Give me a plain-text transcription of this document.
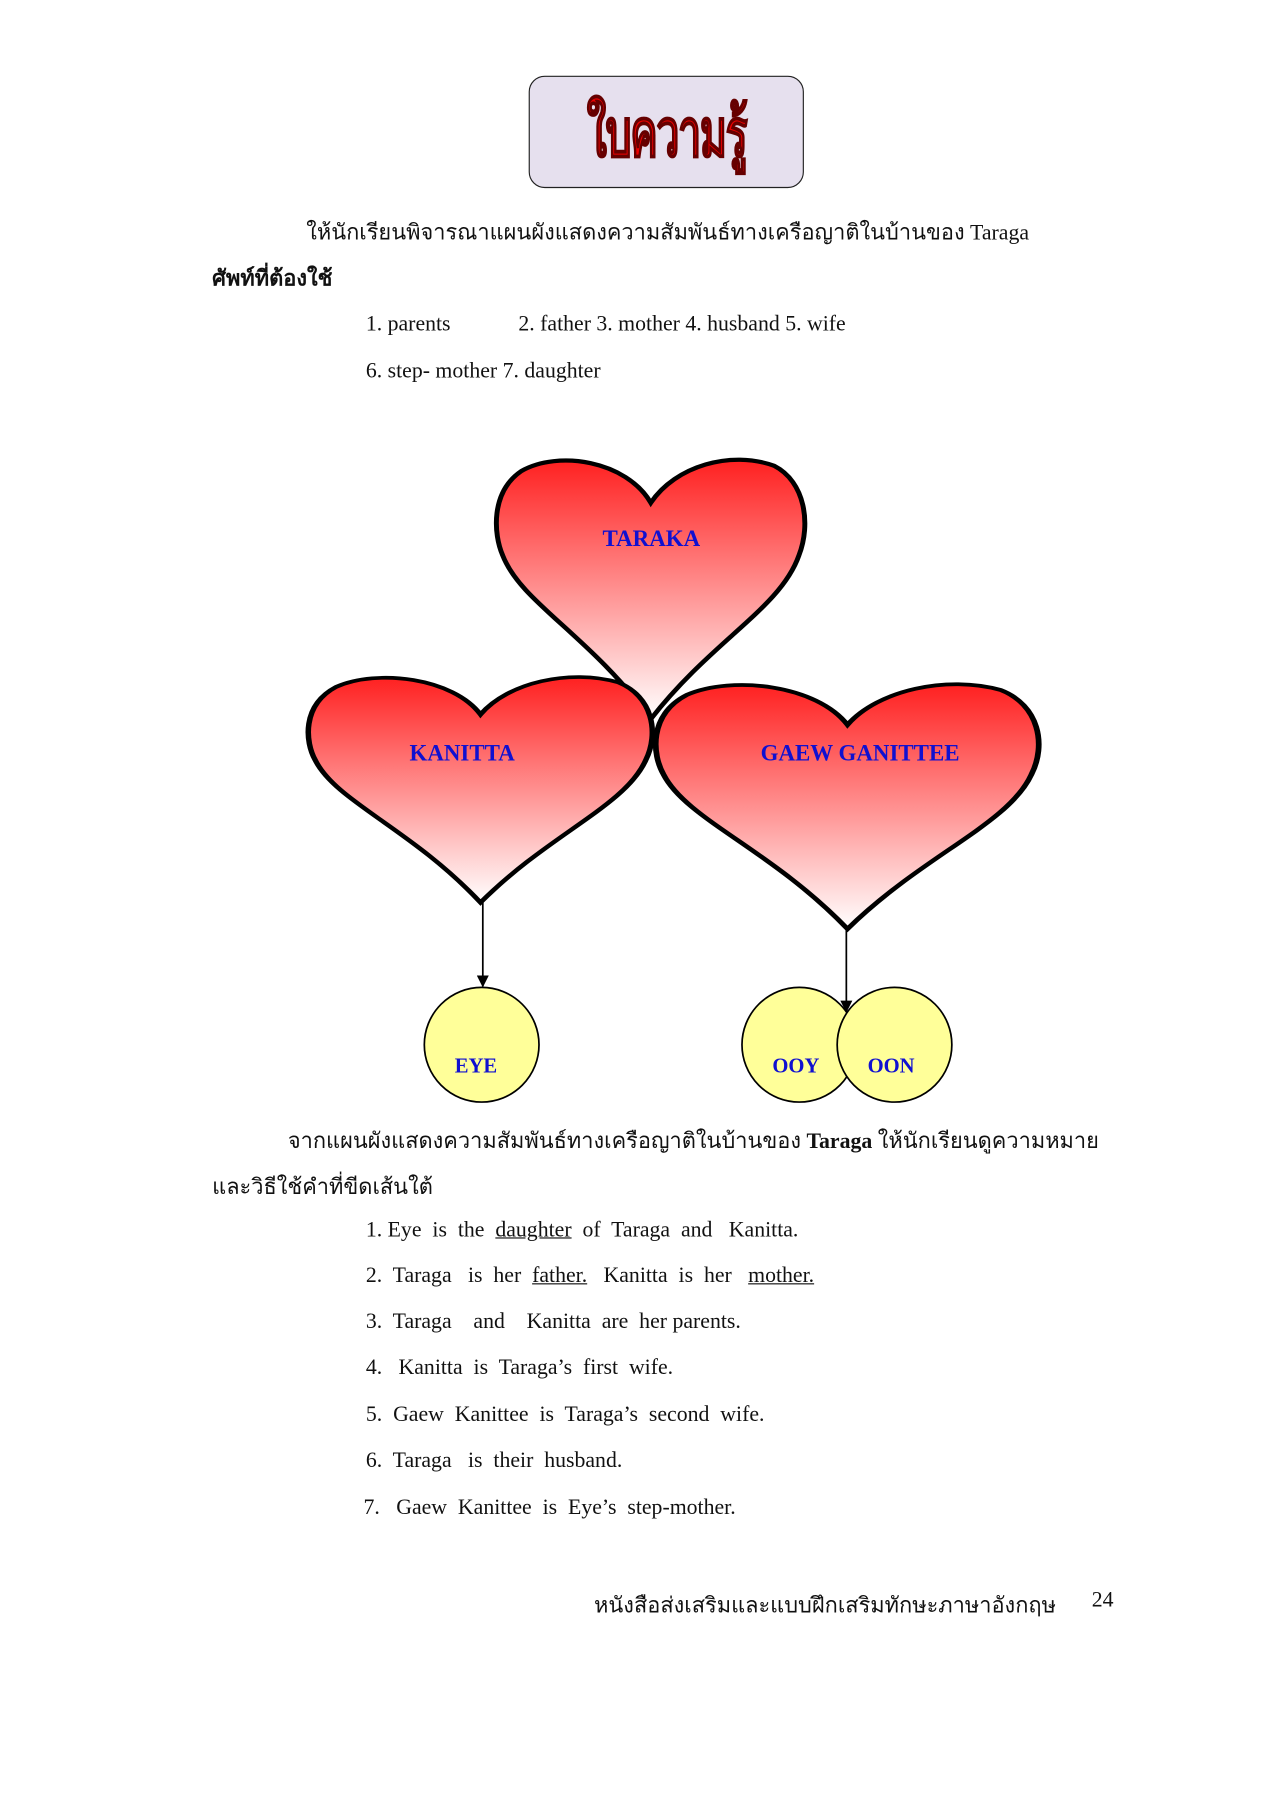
ใบความรู้
ให้นักเรียนพิจารณาแผนผังแสดงความสัมพันธ์ทางเครือญาติในบ้านของ Taraga
ศัพท์ที่ต้องใช้
1. parents	2. father 3. mother 4. husband 5. wife
6. step- mother 7. daughter
TARAKA
KANITTA	GAEW GANITTEE
EYE	OOY	OON
จากแผนผังแสดงความสัมพันธ์ทางเครือญาติในบ้านของ Taraga ให้นักเรียนดูความหมาย
และวิธีใช้คำที่ขีดเส้นใต้
1. Eye  is  the  daughter  of  Taraga  and   Kanitta.
2.  Taraga   is  her  father.   Kanitta  is  her   mother.
3.  Taraga    and    Kanitta  are  her parents.
4.   Kanitta  is  Taraga’s  first  wife.
5.  Gaew  Kanittee  is  Taraga’s  second  wife.
6.  Taraga   is  their  husband.
7.   Gaew  Kanittee  is  Eye’s  step-mother.
หนังสือส่งเสริมและแบบฝึกเสริมทักษะภาษาอังกฤษ 24
